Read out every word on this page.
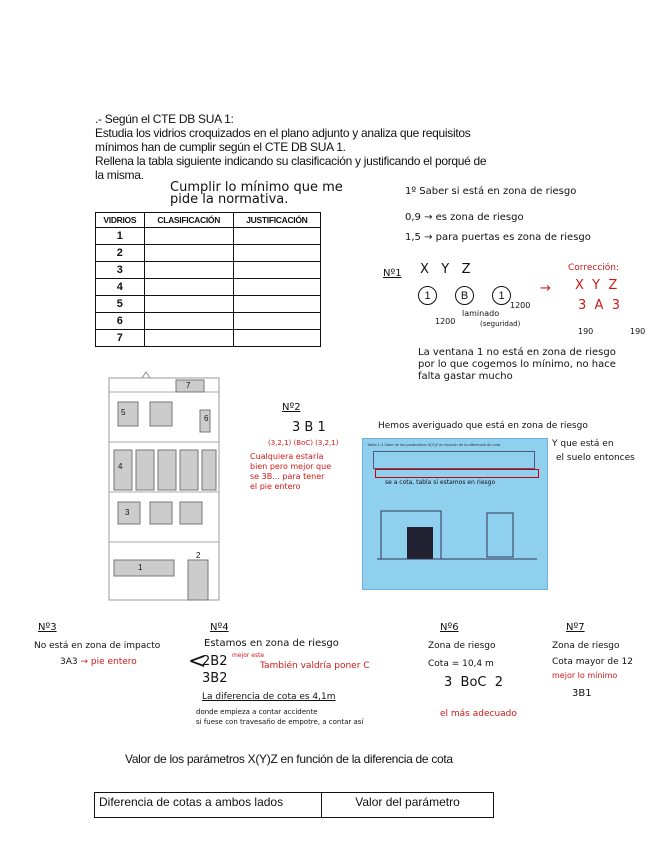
.- Según el CTE DB SUA 1:
Estudia los vidrios croquizados en el plano adjunto y analiza que requisitos
mínimos han de cumplir según el CTE DB SUA 1.
Rellena la tabla siguiente indicando su clasificación y justificando el porqué de
la misma.
Cumplir lo mínimo que me pide la normativa.
VIDRIOS	CLASIFICACIÓN	JUSTIFICACIÓN
1		
2		
3		
4		
5		
6		
7		
1º Saber si está en zona de riesgo
0,9 → es zona de riesgo
1,5 → para puertas es zona de riesgo
Nº1 X   Y   Z
1	B	1
1200
laminado
(seguridad)
1200
→
Corrección:
X  Y  Z
3  A  3
190	190
La ventana 1 no está en zona de riesgo
por lo que cogemos lo mínimo, no hace
falta gastar mucho
7
5
6
4
3
1
2
Nº2
3 B 1
(3,2,1) (BoC) (3,2,1)
Cualquiera estaría
bien pero mejor que
se 3B... para tener
el pie entero
Hemos averiguado que está en zona de riesgo
Y que está en
el suelo entonces
Tabla 1.1 Valor de los parámetros X(Y)Z en función de la diferencia de cota
se a cota, tabla si estamos en riesgo
Nº3
No está en zona de impacto
3A3 → pie entero
Nº4
Estamos en zona de riesgo
<
2B2 mejor este
También valdría poner C
3B2
La diferencia de cota es 4,1m
donde empieza a contar accidente
si fuese con travesaño de empotre, a contar así
Nº6
Zona de riesgo
Cota = 10,4 m
3  BoC  2
el más adecuado
Nº7
Zona de riesgo
Cota mayor de 12
mejor lo mínimo
3B1
Valor de los parámetros X(Y)Z en función de la diferencia de cota
Diferencia de cotas a ambos lados	Valor del parámetro
